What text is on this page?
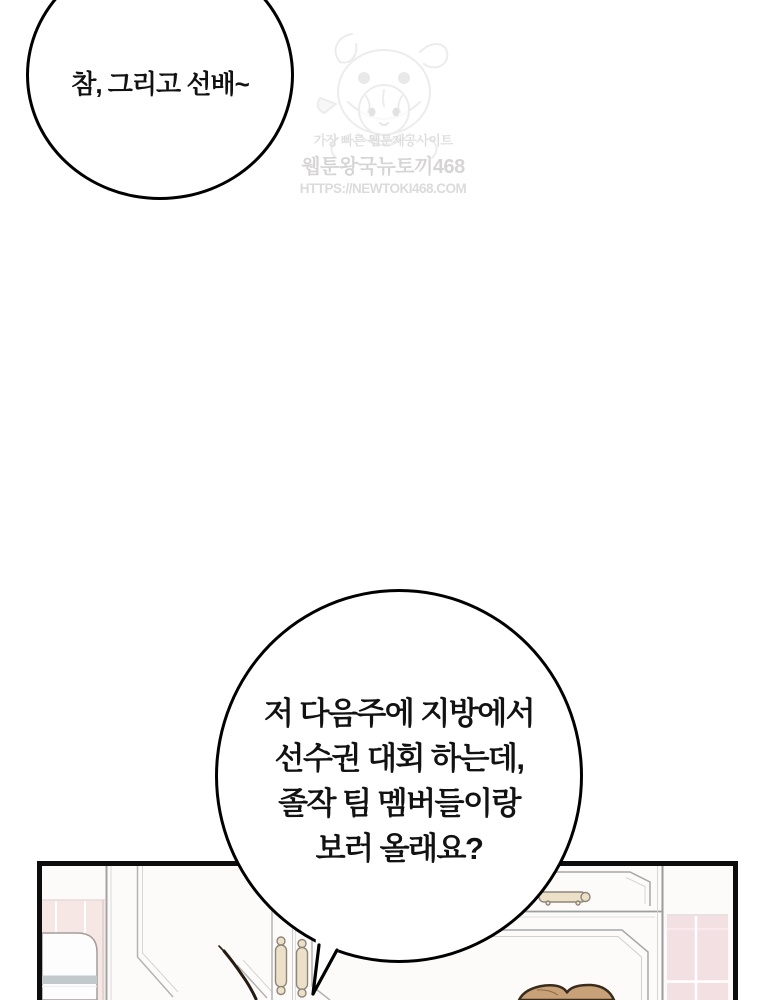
가장 빠른 웹툰제공사이트
웹툰왕국뉴토끼468
HTTPS://NEWTOKI468.COM
참, 그리고 선배~
저 다음주에 지방에서
선수권 대회 하는데,
졸작 팀 멤버들이랑
보러 올래요?
